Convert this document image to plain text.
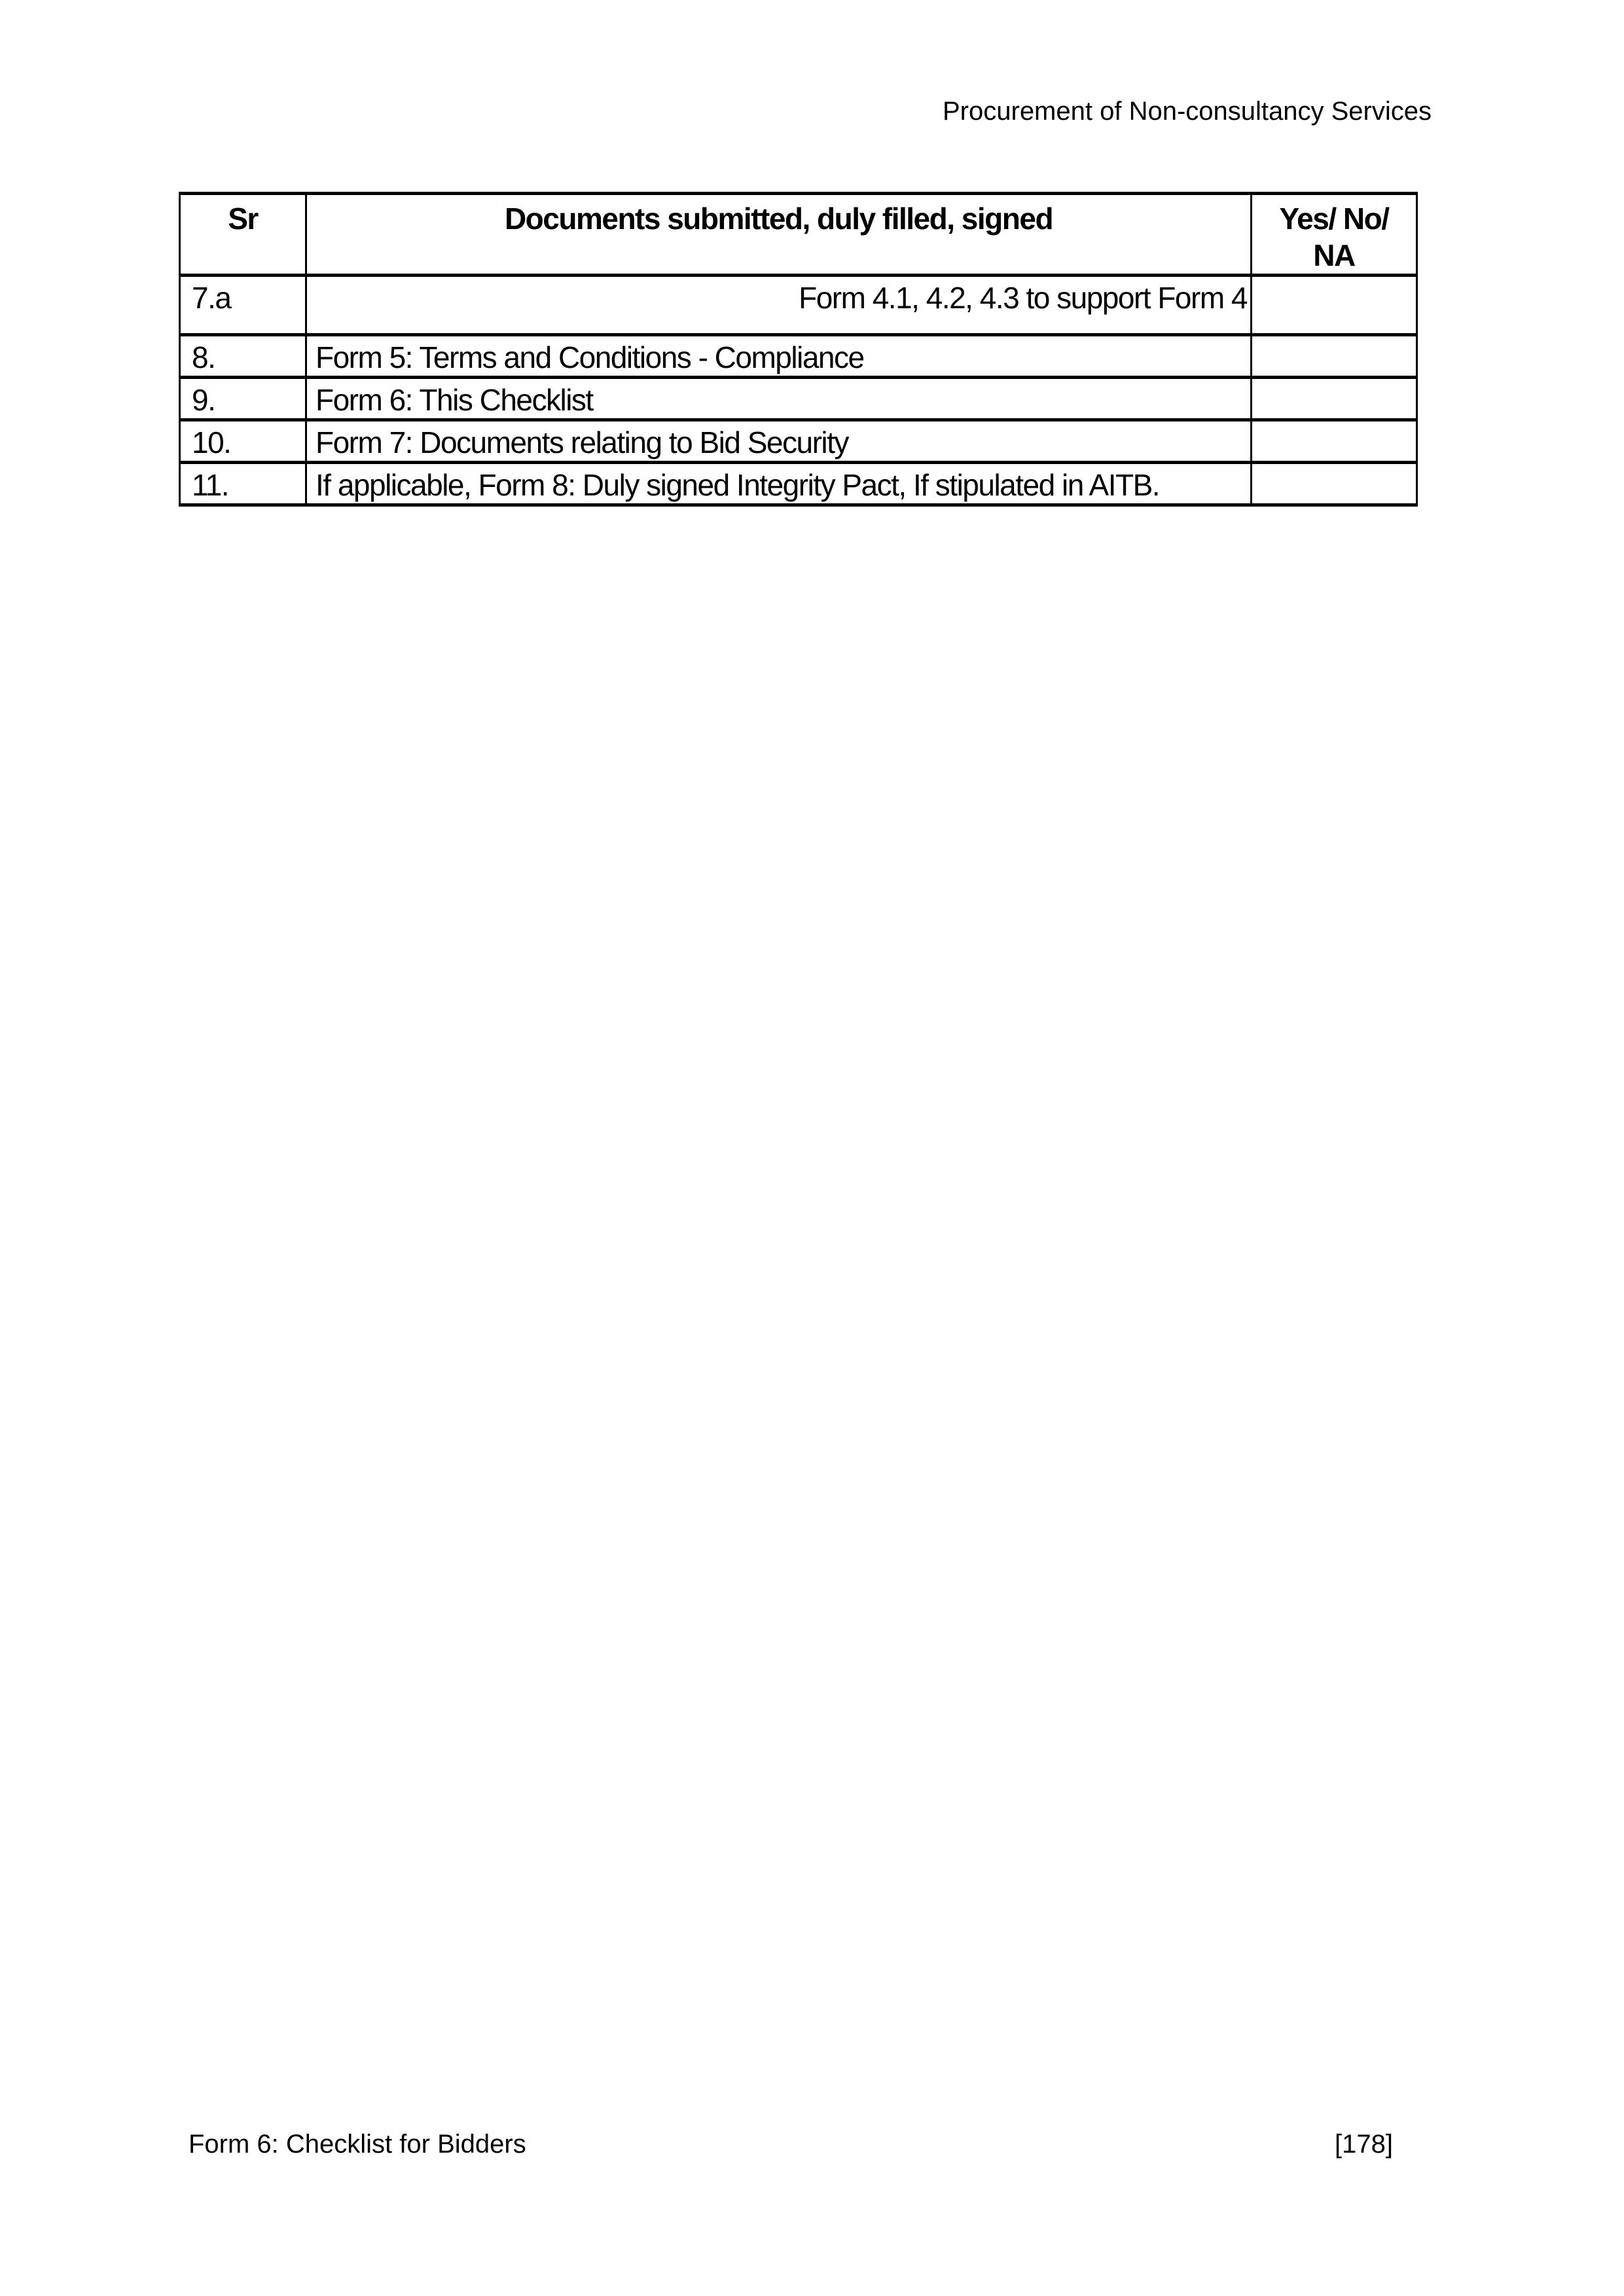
Procurement of Non-consultancy Services
Sr	Documents submitted, duly filled, signed	Yes/ No/ NA
7.a	Form 4.1, 4.2, 4.3 to support Form 4	
8.	Form 5: Terms and Conditions - Compliance	
9.	Form 6: This Checklist	
10.	Form 7: Documents relating to Bid Security	
11.	If applicable, Form 8: Duly signed Integrity Pact, If stipulated in AITB.	
Form 6: Checklist for Bidders	[178]
